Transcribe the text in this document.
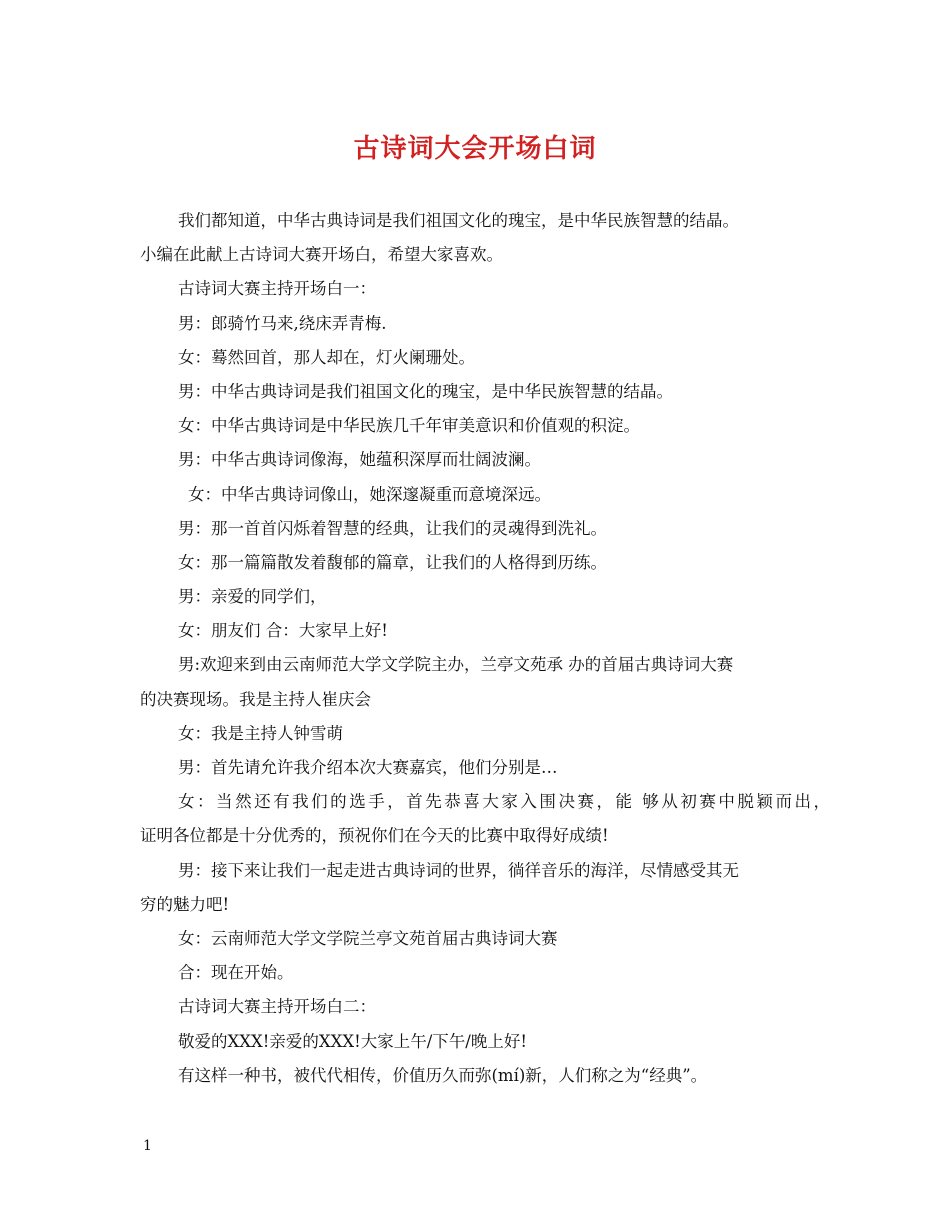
古诗词大会开场白词
我们都知道，中华古典诗词是我们祖国文化的瑰宝，是中华民族智慧的结晶。
小编在此献上古诗词大赛开场白，希望大家喜欢。
古诗词大赛主持开场白一：
男：郎骑竹马来,绕床弄青梅.
女：蓦然回首，那人却在，灯火阑珊处。
男：中华古典诗词是我们祖国文化的瑰宝，是中华民族智慧的结晶。
女：中华古典诗词是中华民族几千年审美意识和价值观的积淀。
男：中华古典诗词像海，她蕴积深厚而壮阔波澜。
女：中华古典诗词像山，她深邃凝重而意境深远。
男：那一首首闪烁着智慧的经典，让我们的灵魂得到洗礼。
女：那一篇篇散发着馥郁的篇章，让我们的人格得到历练。
男：亲爱的同学们，
女：朋友们 合：大家早上好!
男:欢迎来到由云南师范大学文学院主办，兰亭文苑承 办的首届古典诗词大赛
的决赛现场。我是主持人崔庆会
女：我是主持人钟雪萌
男：首先请允许我介绍本次大赛嘉宾，他们分别是…
女：当然还有我们的选手，首先恭喜大家入围决赛，能 够从初赛中脱颖而出，
证明各位都是十分优秀的，预祝你们在今天的比赛中取得好成绩!
男：接下来让我们一起走进古典诗词的世界，徜徉音乐的海洋，尽情感受其无
穷的魅力吧!
女：云南师范大学文学院兰亭文苑首届古典诗词大赛
合：现在开始。
古诗词大赛主持开场白二：
敬爱的XXX!亲爱的XXX!大家上午/下午/晚上好!
有这样一种书，被代代相传，价值历久而弥(mí)新，人们称之为“经典”。

1
